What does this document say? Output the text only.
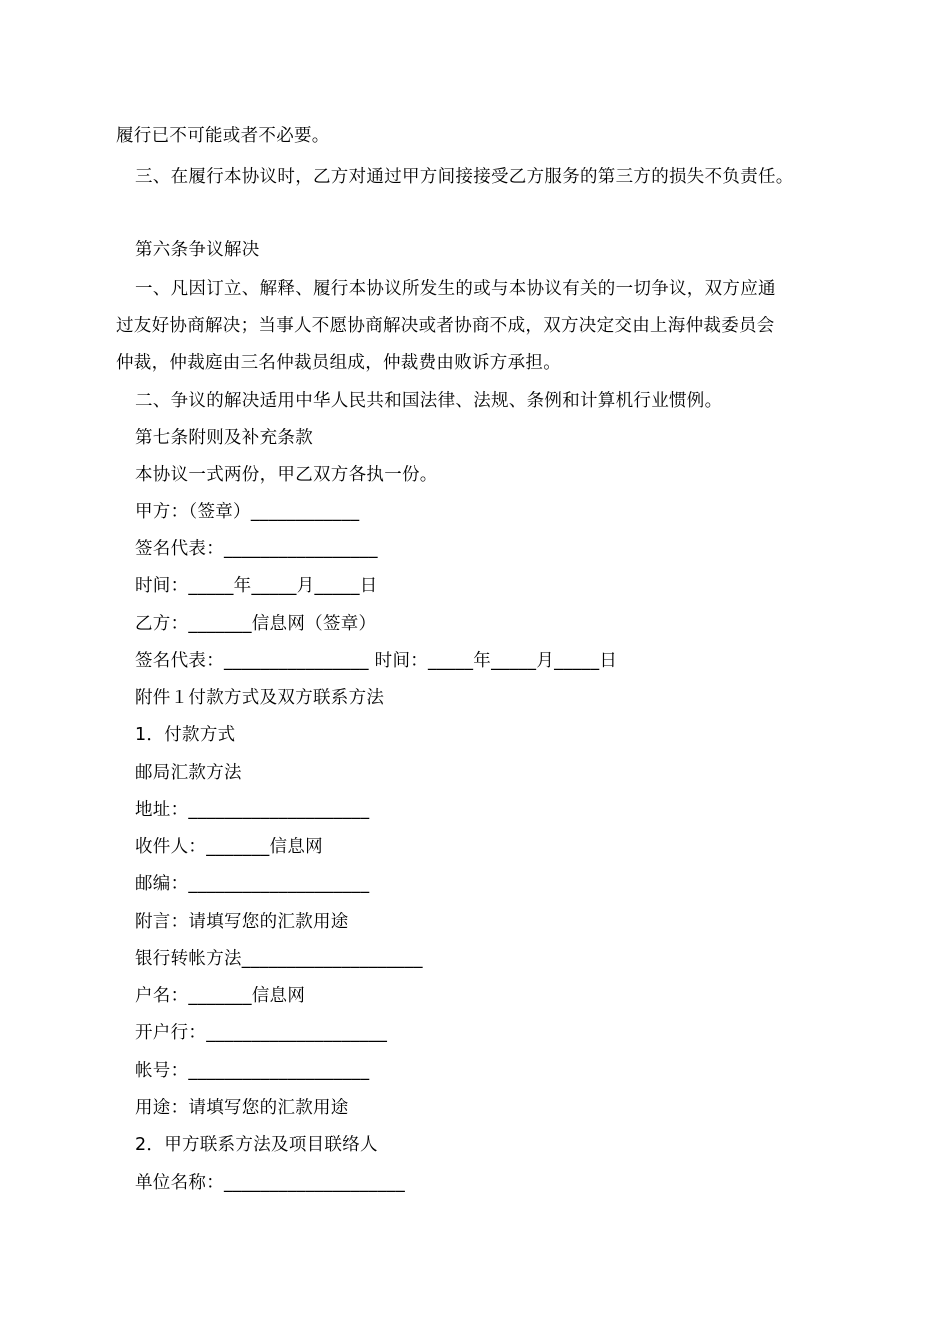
履行已不可能或者不必要。
三、在履行本协议时，乙方对通过甲方间接接受乙方服务的第三方的损失不负责任。
第六条争议解决
一、凡因订立、解释、履行本协议所发生的或与本协议有关的一切争议，双方应通
过友好协商解决；当事人不愿协商解决或者协商不成，双方决定交由上海仲裁委员会
仲裁，仲裁庭由三名仲裁员组成，仲裁费由败诉方承担。
二、争议的解决适用中华人民共和国法律、法规、条例和计算机行业惯例。
第七条附则及补充条款
本协议一式两份，甲乙双方各执一份。
甲方：（签章）____________
签名代表：_________________
时间：_____年_____月_____日
乙方：_______信息网（签章）
签名代表：________________ 时间：_____年_____月_____日
附件１付款方式及双方联系方法
1．付款方式
邮局汇款方法
地址：____________________
收件人：_______信息网
邮编：____________________
附言：请填写您的汇款用途
银行转帐方法____________________
户名：_______信息网
开户行：____________________
帐号：____________________
用途：请填写您的汇款用途
2．甲方联系方法及项目联络人
单位名称：____________________
